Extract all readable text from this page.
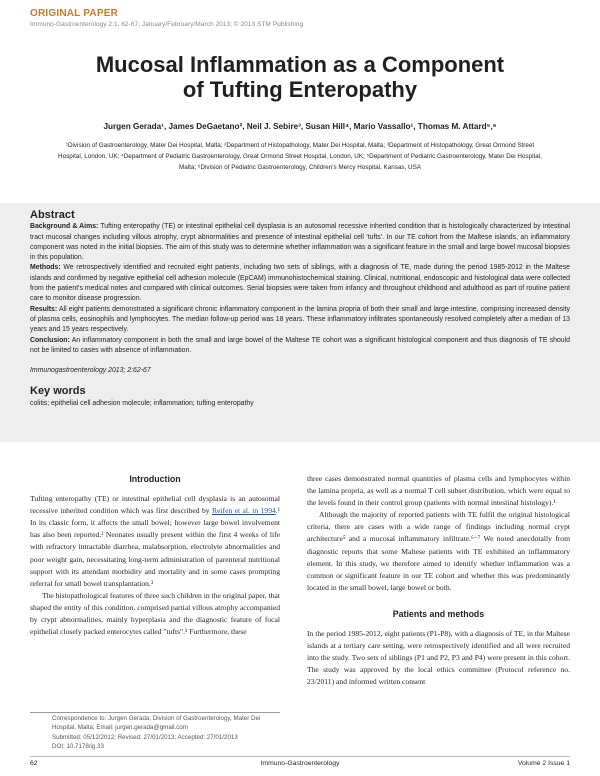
ORIGINAL PAPER
Immuno-Gastroenterology 2:1, 62-67; January/February/March 2013; © 2013 STM Publishing
Mucosal Inflammation as a Component
of Tufting Enteropathy
Jurgen Gerada¹, James DeGaetano², Neil J. Sebire³, Susan Hill⁴, Mario Vassallo¹, Thomas M. Attard⁵,⁶
¹Division of Gastroenterology, Mater Dei Hospital, Malta; ²Department of Histopathology, Mater Dei Hospital, Malta; ³Department of Histopathology, Great Ormond Street Hospital, London, UK; ⁴Department of Pediatric Gastroenterology, Great Ormond Street Hospital, London, UK; ⁵Department of Pediatric Gastroenterology, Mater Dei Hospital, Malta; ⁶Division of Pediatric Gastroenterology, Children's Mercy Hospital, Kansas, USA
Abstract

Background & Aims: Tufting enteropathy (TE) or intestinal epithelial cell dysplasia is an autosomal recessive inherited condition that is histologically characterized by intestinal tract mucosal changes including villous atrophy, crypt abnormalities and presence of intestinal epithelial cell 'tufts'. In our TE cohort from the Maltese islands, an inflammatory component was noted in the initial biopsies. The aim of this study was to determine whether inflammation was a significant feature in the small and large bowel mucosal biopsies in this population.

Methods: We retrospectively identified and recruited eight patients, including two sets of siblings, with a diagnosis of TE, made during the period 1985-2012 in the Maltese islands and confirmed by negative epithelial cell adhesion molecule (EpCAM) immunohistochemical staining. Clinical, nutritional, endoscopic and histological data were collected from the patient's medical notes and compared with clinical outcomes. Serial biopsies were taken from infancy and throughout childhood and adulthood as part of routine patient care to monitor disease progression.

Results: All eight patients demonstrated a significant chronic inflammatory component in the lamina propria of both their small and large intestine, comprising increased density of plasma cells, eosinophils and lymphocytes. The median follow-up period was 18 years. These inflammatory infiltrates spontaneously resolved completely after a median of 13 years and 15 years respectively.

Conclusion: An inflammatory component in both the small and large bowel of the Maltese TE cohort was a significant histological component and thus diagnosis of TE should not be limited to cases with absence of inflammation.

Immunogastroenterology 2013; 2:62-67

Key words

colitis; epithelial cell adhesion molecule; inflammation; tufting enteropathy

Introduction

Tufting enteropathy (TE) or intestinal epithelial cell dysplasia is an autosomal recessive inherited condition which was first described by Reifen et al. in 1994.¹ In its classic form, it affects the small bowel; however large bowel involvement has also been reported.² Neonates usually present within the first 4 weeks of life with refractory intractable diarrhea, malabsorption, electrolyte abnormalities and poor weight gain, necessitating long-term administration of parenteral nutritional support with its attendant morbidity and mortality and in some cases prompting referral for small bowel transplantation.³

The histopathological features of three such children in the original paper, that shaped the entity of this condition, comprised partial villous atrophy accompanied by crypt abnormalities, mainly hyperplasia and the diagnostic feature of focal epithelial closely packed enterocytes called "tufts".¹ Furthermore, these

three cases demonstrated normal quantities of plasma cells and lymphocytes within the lamina propria, as well as a normal T cell subset distribution, which were equal to the levels found in their control group (patients with normal intestinal histology).¹

Although the majority of reported patients with TE fulfil the original histological criteria, there are cases with a wide range of findings including normal crypt architecture⁵ and a mucosal inflammatory infiltrate.⁶⁻⁷ We noted anecdotally from diagnostic reports that some Maltese patients with TE exhibited an inflammatory element. In this study, we therefore aimed to identify whether inflammation was a common or significant feature in our TE cohort and whether this was predominantly located in the small bowel, large bowel or both.

Patients and methods

In the period 1985-2012, eight patients (P1-P8), with a diagnosis of TE, in the Maltese islands at a tertiary care setting, were retrospectively identified and all were recruited into the study. Two sets of siblings (P1 and P2, P3 and P4) were present in this cohort. The study was approved by the local ethics committee (Protocol reference no. 23/2011) and informed written consent

Correspondence to: Jurgen Gerada, Division of Gastroenterology, Mater Dei Hospital, Malta; Email: jurgen.gerada@gmail.com

Submitted: 05/12/2012; Revised: 27/01/2013; Accepted: 27/01/2013

DOI: 10.7178/ig.33

62	Immuno-Gastroenterology	Volume 2 Issue 1
